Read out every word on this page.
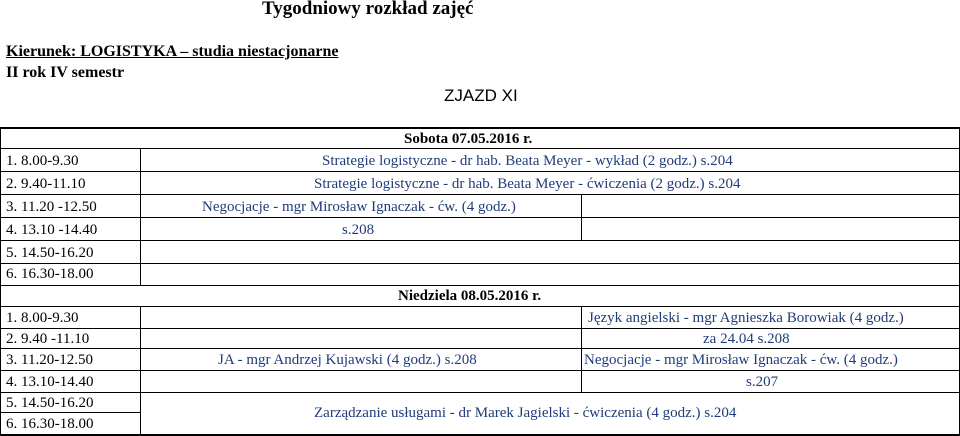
Tygodniowy rozkład zajęć
Kierunek: LOGISTYKA – studia niestacjonarne
II rok IV semestr
ZJAZD XI
Sobota 07.05.2016 r.
1. 8.00-9.30
2. 9.40-11.10
3. 11.20 -12.50
4. 13.10 -14.40
5. 14.50-16.20
6. 16.30-18.00
Strategie logistyczne - dr hab. Beata Meyer - wykład (2 godz.) s.204
Strategie logistyczne - dr hab. Beata Meyer - ćwiczenia (2 godz.) s.204
Negocjacje - mgr Mirosław Ignaczak - ćw. (4 godz.)
s.208
Niedziela 08.05.2016 r.
1. 8.00-9.30
2. 9.40 -11.10
3. 11.20-12.50
4. 13.10-14.40
5. 14.50-16.20
6. 16.30-18.00
Język angielski - mgr Agnieszka Borowiak (4 godz.)
za 24.04 s.208
JA - mgr Andrzej Kujawski (4 godz.) s.208	Negocjacje - mgr Mirosław Ignaczak - ćw. (4 godz.)
s.207
Zarządzanie usługami - dr Marek Jagielski - ćwiczenia (4 godz.) s.204
